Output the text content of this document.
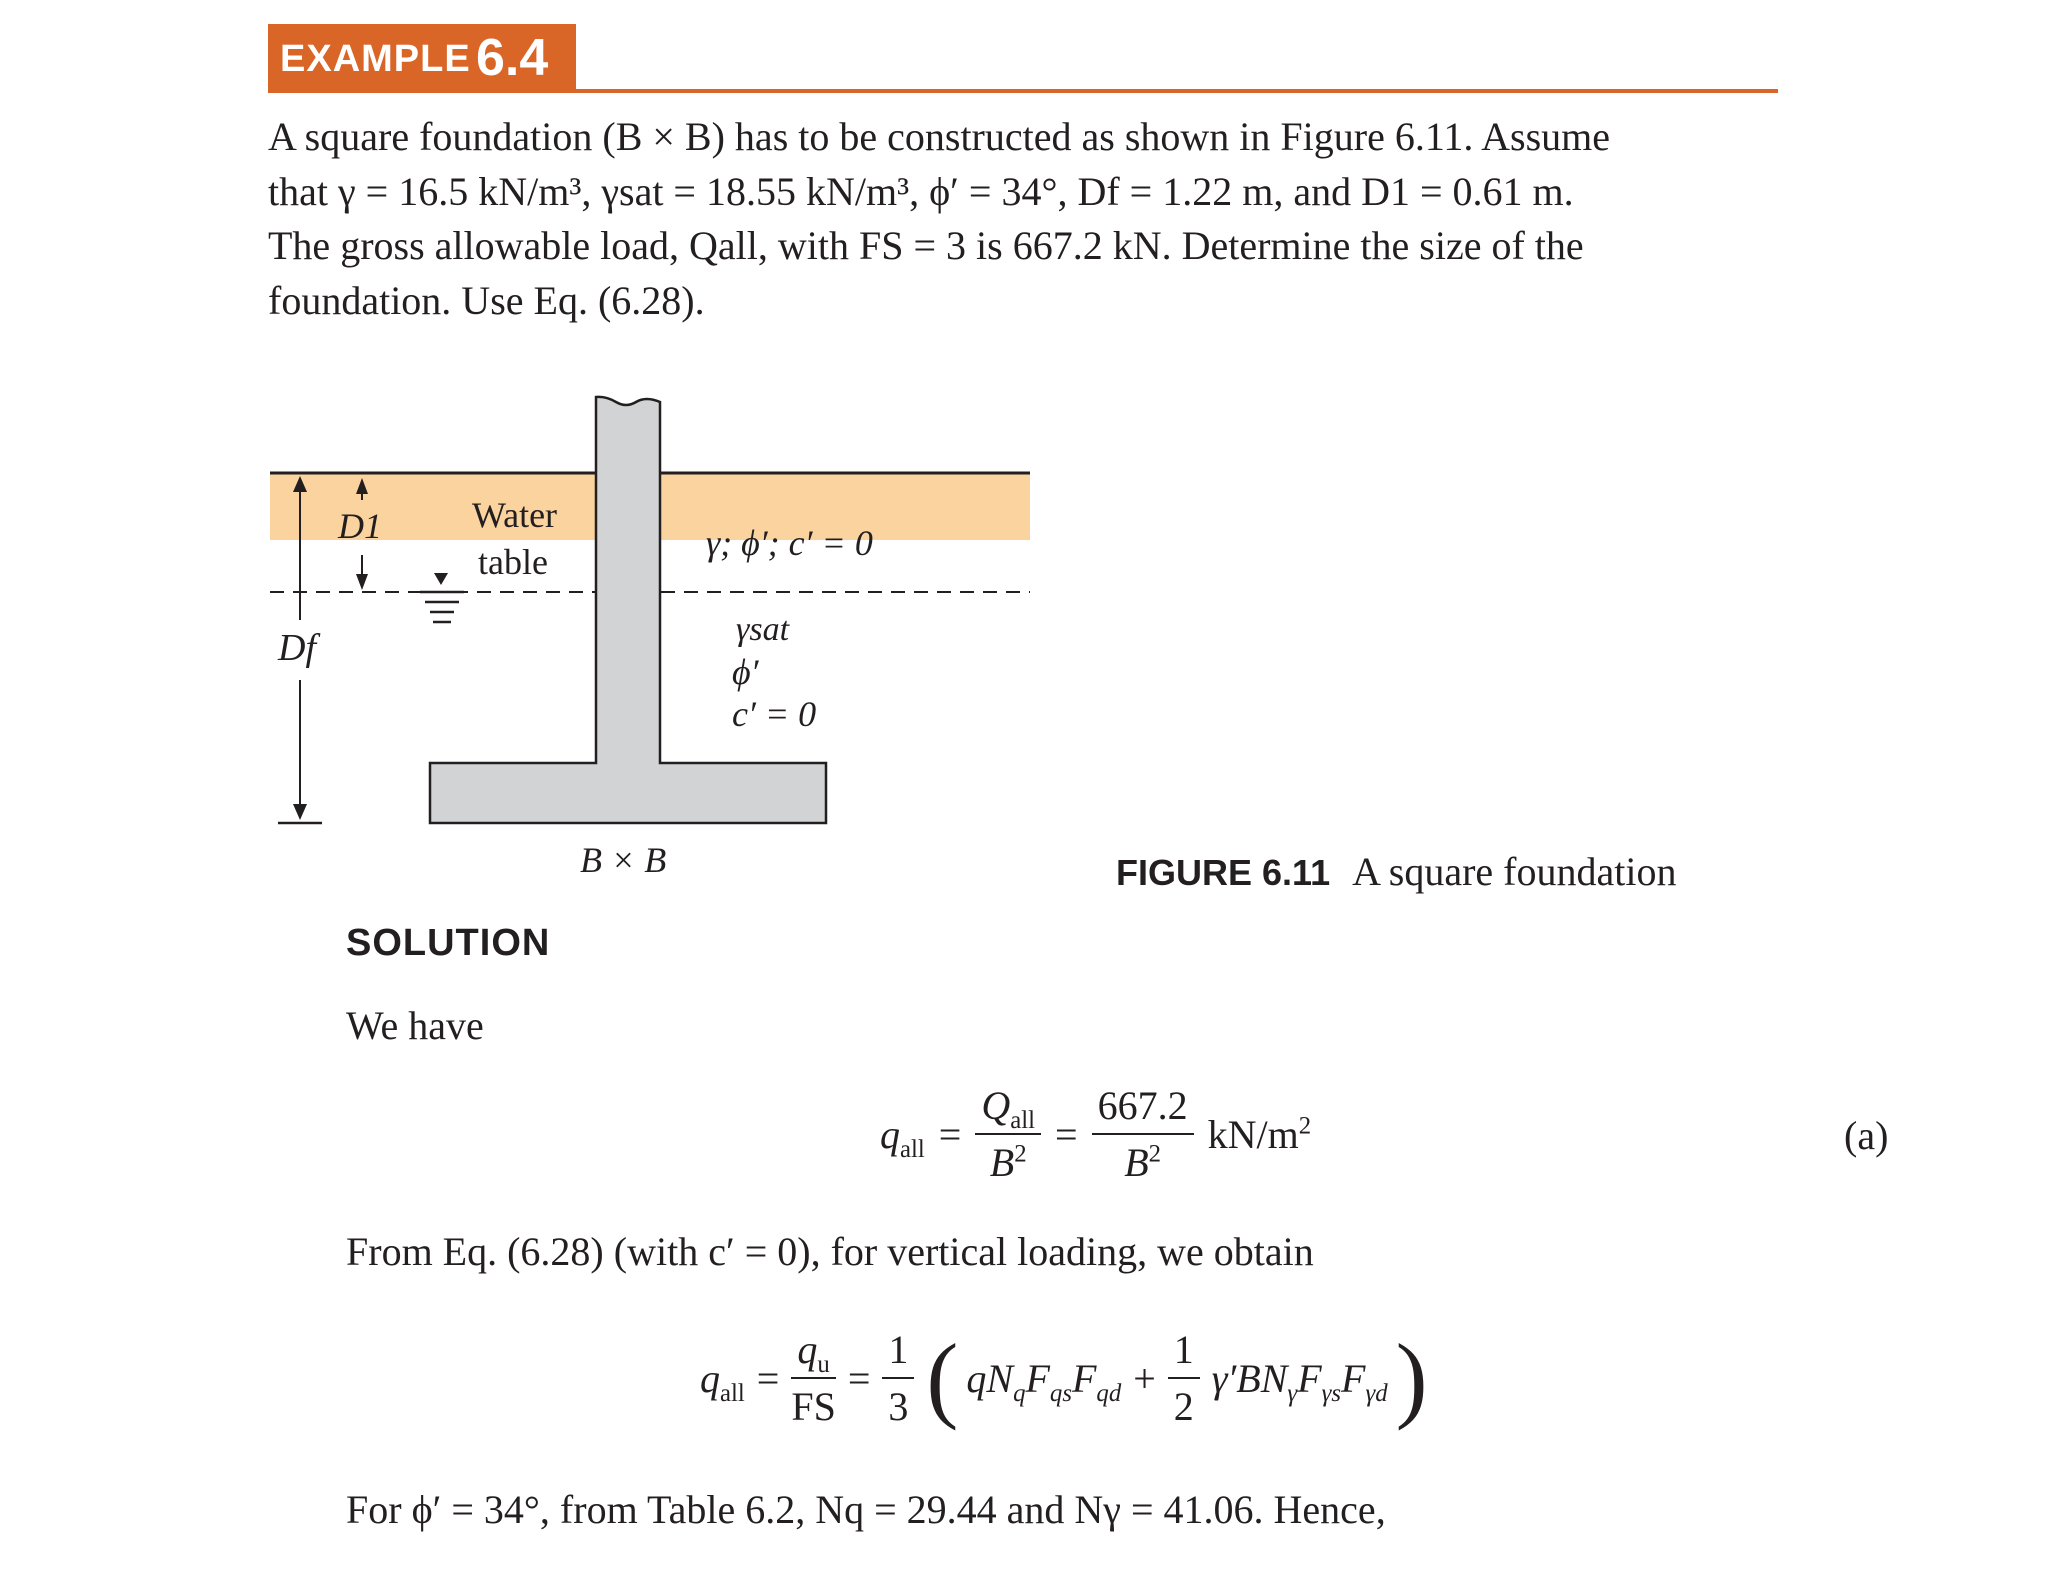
EXAMPLE 6.4
A square foundation (B × B) has to be constructed as shown in Figure 6.11. Assume
that γ = 16.5 kN/m³, γsat = 18.55 kN/m³, ϕ′ = 34°, Df = 1.22 m, and D1 = 0.61 m.
The gross allowable load, Qall, with FS = 3 is 667.2 kN. Determine the size of the
foundation. Use Eq. (6.28).
D1
Df
Water
table	γ; ϕ′; c′ = 0
γsat
ϕ′
c′ = 0
B × B	FIGURE 6.11 A square foundation
SOLUTION
We have
$q_{all} = \frac{Q_{all}}{B^2} = \frac{667.2}{B^2} kN/m^2$	(a)
From Eq. (6.28) (with c′ = 0), for vertical loading, we obtain
$q_{all} = \frac{q_u}{FS} = \frac{1}{3}$ ( $qN_qF_{qs}F_{qd} + \frac{1}{2} \gamma'BN_\gamma F_{\gamma s}F_{\gamma d}$ )
For ϕ′ = 34°, from Table 6.2, Nq = 29.44 and Nγ = 41.06. Hence,
